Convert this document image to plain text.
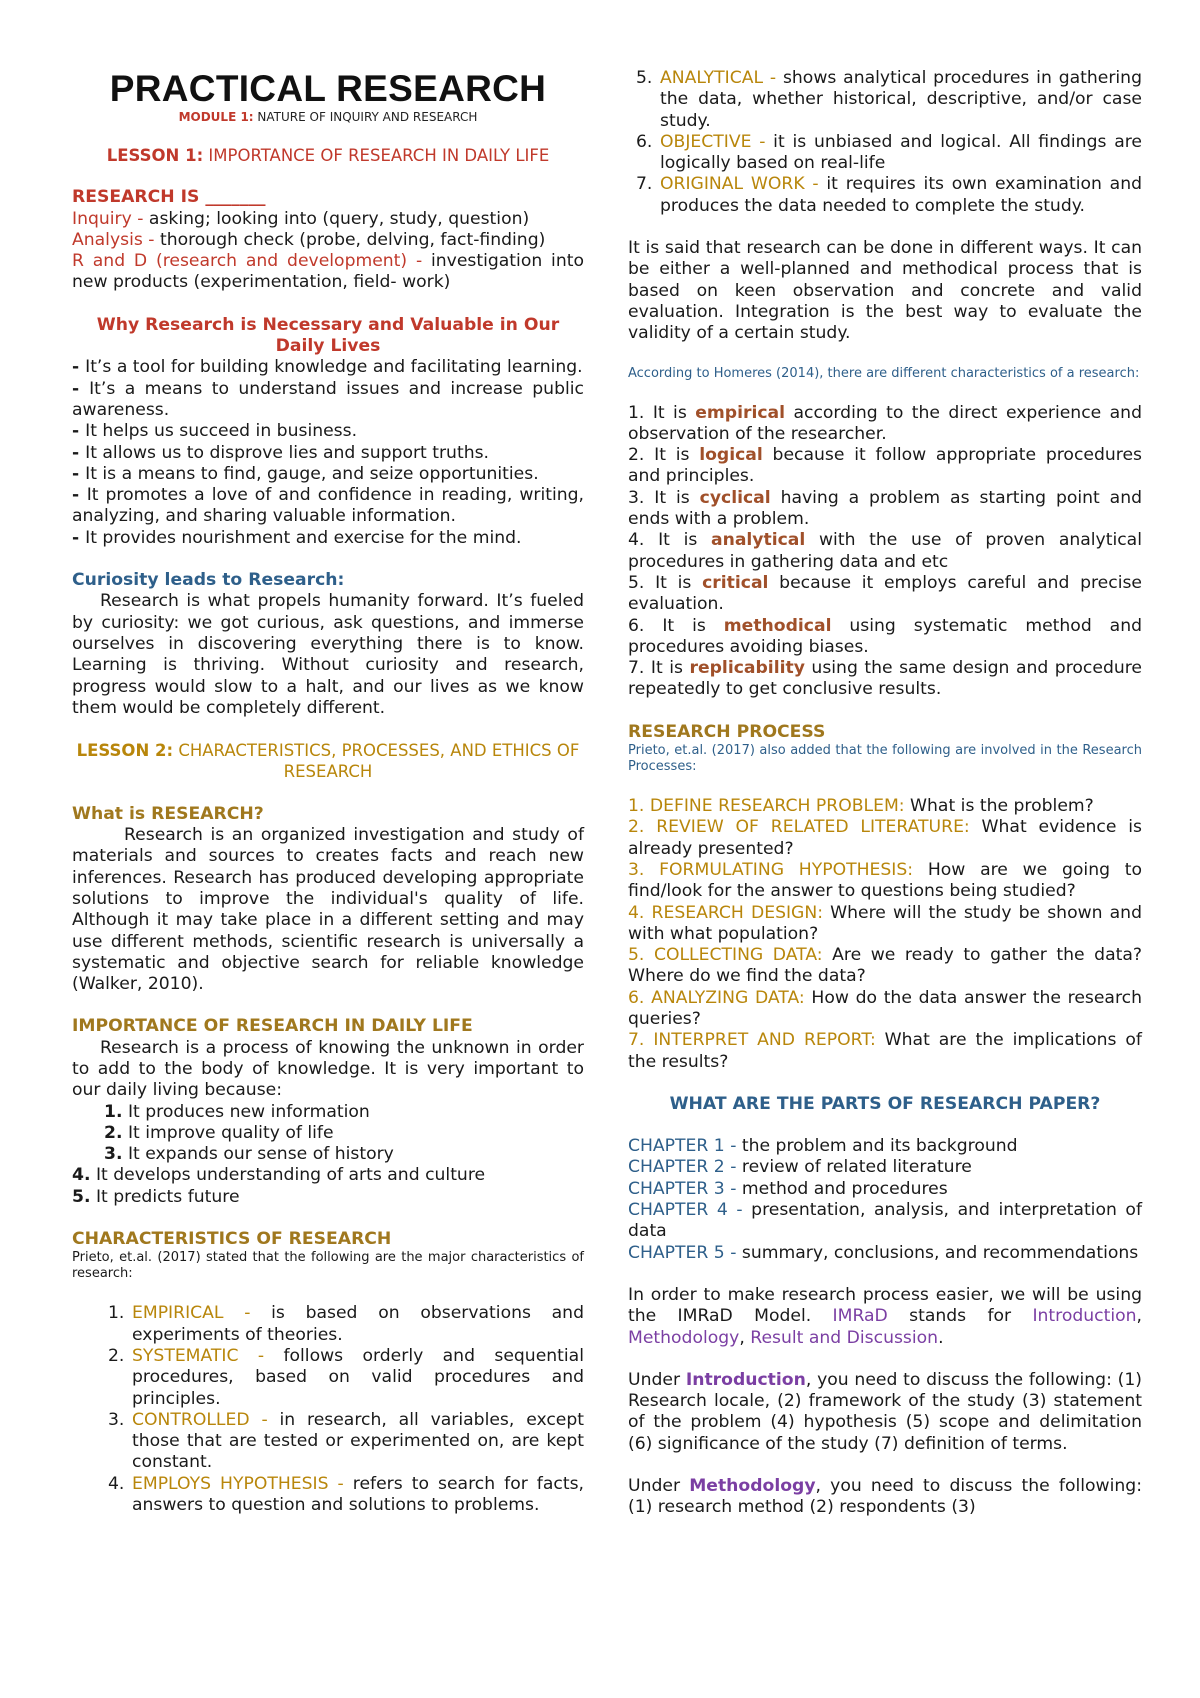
PRACTICAL RESEARCH
MODULE 1: NATURE OF INQUIRY AND RESEARCH
LESSON 1: IMPORTANCE OF RESEARCH IN DAILY LIFE
RESEARCH IS _______

Inquiry - asking; looking into (query, study, question)

Analysis - thorough check (probe, delving, fact-finding)

R and D (research and development) - investigation into new products (experimentation, field- work)

Why Research is Necessary and Valuable in Our Daily Lives

- It’s a tool for building knowledge and facilitating learning.

- It’s a means to understand issues and increase public awareness.

- It helps us succeed in business.

- It allows us to disprove lies and support truths.

- It is a means to find, gauge, and seize opportunities.

- It promotes a love of and confidence in reading, writing, analyzing, and sharing valuable information.

- It provides nourishment and exercise for the mind.

Curiosity leads to Research:

Research is what propels humanity forward. It’s fueled by curiosity: we got curious, ask questions, and immerse ourselves in discovering everything there is to know. Learning is thriving. Without curiosity and research, progress would slow to a halt, and our lives as we know them would be completely different.

LESSON 2: CHARACTERISTICS, PROCESSES, AND ETHICS OF RESEARCH
What is RESEARCH?

Research is an organized investigation and study of materials and sources to creates facts and reach new inferences. Research has produced developing appropriate solutions to improve the individual's quality of life. Although it may take place in a different setting and may use different methods, scientific research is universally a systematic and objective search for reliable knowledge (Walker, 2010).

IMPORTANCE OF RESEARCH IN DAILY LIFE

Research is a process of knowing the unknown in order to add to the body of knowledge. It is very important to our daily living because:

1. It produces new information
2. It improve quality of life
3. It expands our sense of history

4. It develops understanding of arts and culture

5. It predicts future

CHARACTERISTICS OF RESEARCH

Prieto, et.al. (2017) stated that the following are the major characteristics of research:

1. EMPIRICAL - is based on observations and experiments of theories.
2. SYSTEMATIC - follows orderly and sequential procedures, based on valid procedures and principles.
3. CONTROLLED - in research, all variables, except those that are tested or experimented on, are kept constant.
4. EMPLOYS HYPOTHESIS - refers to search for facts, answers to question and solutions to problems.
5. ANALYTICAL - shows analytical procedures in gathering the data, whether historical, descriptive, and/or case study.
6. OBJECTIVE - it is unbiased and logical. All findings are logically based on real-life
7. ORIGINAL WORK - it requires its own examination and produces the data needed to complete the study.

It is said that research can be done in different ways. It can be either a well-planned and methodical process that is based on keen observation and concrete and valid evaluation. Integration is the best way to evaluate the validity of a certain study.

According to Homeres (2014), there are different characteristics of a research:

1. It is empirical according to the direct experience and observation of the researcher.

2. It is logical because it follow appropriate procedures and principles.

3. It is cyclical having a problem as starting point and ends with a problem.

4. It is analytical with the use of proven analytical procedures in gathering data and etc

5. It is critical because it employs careful and precise evaluation.

6. It is methodical using systematic method and procedures avoiding biases.

7. It is replicability using the same design and procedure repeatedly to get conclusive results.

RESEARCH PROCESS

Prieto, et.al. (2017) also added that the following are involved in the Research Processes:

1. DEFINE RESEARCH PROBLEM: What is the problem?

2. REVIEW OF RELATED LITERATURE: What evidence is already presented?

3. FORMULATING HYPOTHESIS: How are we going to find/look for the answer to questions being studied?

4. RESEARCH DESIGN: Where will the study be shown and with what population?

5. COLLECTING DATA: Are we ready to gather the data? Where do we find the data?

6. ANALYZING DATA: How do the data answer the research queries?

7. INTERPRET AND REPORT: What are the implications of the results?

WHAT ARE THE PARTS OF RESEARCH PAPER?

CHAPTER 1 - the problem and its background

CHAPTER 2 - review of related literature

CHAPTER 3 - method and procedures

CHAPTER 4 - presentation, analysis, and interpretation of data

CHAPTER 5 - summary, conclusions, and recommendations

In order to make research process easier, we will be using the IMRaD Model. IMRaD stands for Introduction, Methodology, Result and Discussion.

Under Introduction, you need to discuss the following: (1) Research locale, (2) framework of the study (3) statement of the problem (4) hypothesis (5) scope and delimitation (6) significance of the study (7) definition of terms.

Under Methodology, you need to discuss the following: (1) research method (2) respondents (3)
